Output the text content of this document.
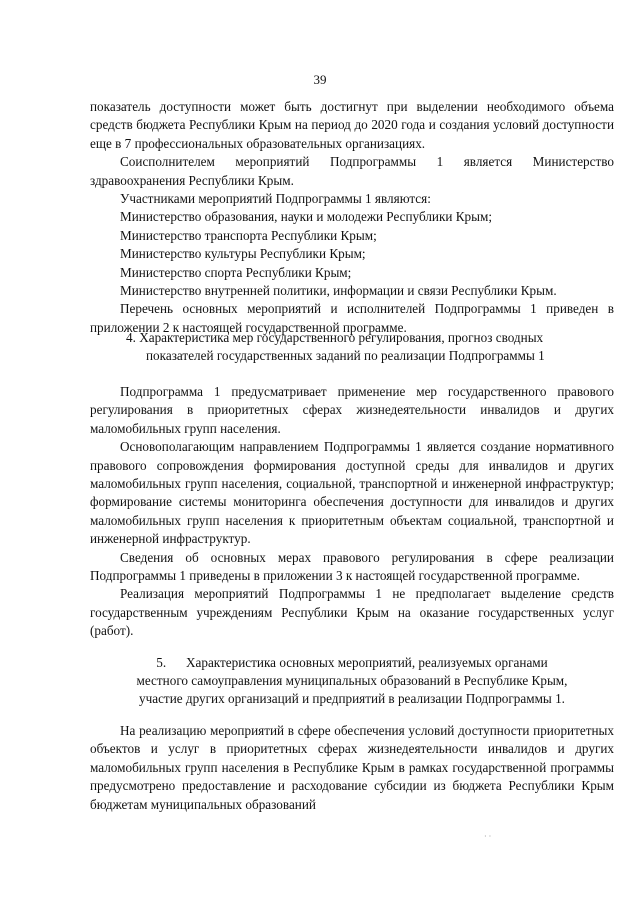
39

показатель доступности может быть достигнут при выделении необходимого объема средств бюджета Республики Крым на период до 2020 года и создания условий доступности еще в 7 профессиональных образовательных организациях.

Соисполнителем мероприятий Подпрограммы 1 является Министерство здравоохранения Республики Крым.

Участниками мероприятий Подпрограммы 1 являются:

Министерство образования, науки и молодежи Республики Крым;

Министерство транспорта Республики Крым;

Министерство культуры Республики Крым;

Министерство спорта Республики Крым;

Министерство внутренней политики, информации и связи Республики Крым.

Перечень основных мероприятий и исполнителей Подпрограммы 1 приведен в приложении 2 к настоящей государственной программе.

4. Характеристика мер государственного регулирования, прогноз сводных

показателей государственных заданий по реализации Подпрограммы 1

Подпрограмма 1 предусматривает применение мер государственного правового регулирования в приоритетных сферах жизнедеятельности инвалидов и других маломобильных групп населения.

Основополагающим направлением Подпрограммы 1 является создание нормативного правового сопровождения формирования доступной среды для инвалидов и других маломобильных групп населения, социальной, транспортной и инженерной инфраструктур; формирование системы мониторинга обеспечения доступности для инвалидов и других маломобильных групп населения к приоритетным объектам социальной, транспортной и инженерной инфраструктур.

Сведения об основных мерах правового регулирования в сфере реализации Подпрограммы 1 приведены в приложении 3 к настоящей государственной программе.

Реализация мероприятий Подпрограммы 1 не предполагает выделение средств государственным учреждениям Республики Крым на оказание государственных услуг (работ).

5.      Характеристика основных мероприятий, реализуемых органами

местного самоуправления муниципальных образований в Республике Крым,

участие других организаций и предприятий в реализации Подпрограммы 1.

На реализацию мероприятий в сфере обеспечения условий доступности приоритетных объектов и услуг в приоритетных сферах жизнедеятельности инвалидов и других маломобильных групп населения в Республике Крым в рамках государственной программы предусмотрено предоставление и расходование субсидии из бюджета Республики Крым бюджетам муниципальных образований

· ·
